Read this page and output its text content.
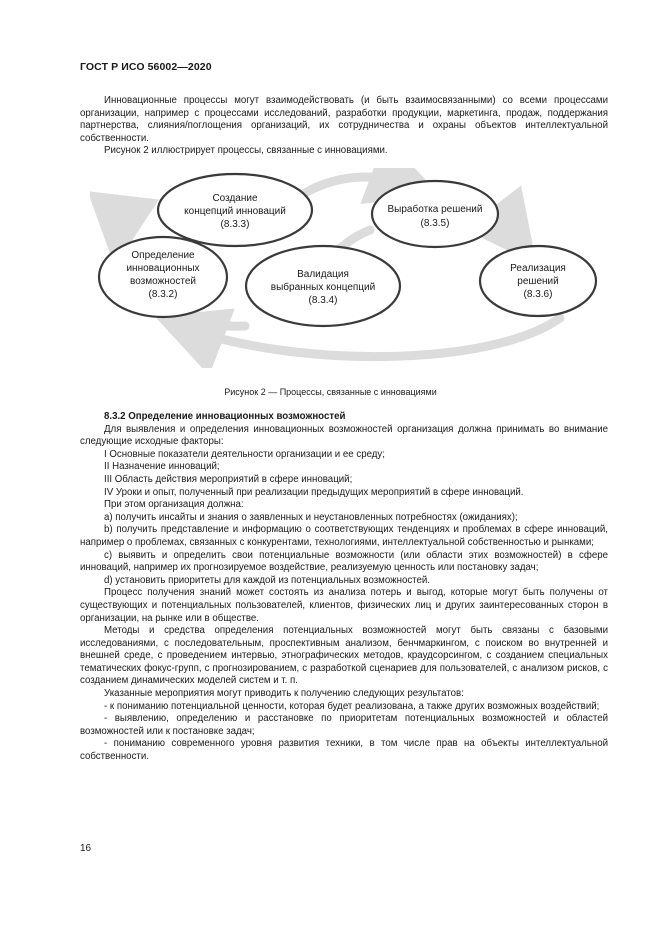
ГОСТ Р ИСО 56002—2020

Инновационные процессы могут взаимодействовать (и быть взаимосвязанными) со всеми процессами организации, например с процессами исследований, разработки продукции, маркетинга, продаж, поддержания партнерства, слияния/поглощения организаций, их сотрудничества и охраны объектов интеллектуальной собственности.

Рисунок 2 иллюстрирует процессы, связанные с инновациями.

Создание
концепций инноваций
(8.3.3)
Выработка решений
(8.3.5)
Определение
инновационных
возможностей
(8.3.2)
Валидация
выбранных концепций
(8.3.4)
Реализация
решений
(8.3.6)
Рисунок 2 — Процессы, связанные с инновациями

8.3.2 Определение инновационных возможностей

Для выявления и определения инновационных возможностей организация должна принимать во внимание следующие исходные факторы:

I Основные показатели деятельности организации и ее среду;

II Назначение инноваций;

III Область действия мероприятий в сфере инноваций;

IV Уроки и опыт, полученный при реализации предыдущих мероприятий в сфере инноваций.

При этом организация должна:

a) получить инсайты и знания о заявленных и неустановленных потребностях (ожиданиях);

b) получить представление и информацию о соответствующих тенденциях и проблемах в сфере инноваций, например о проблемах, связанных с конкурентами, технологиями, интеллектуальной собственностью и рынками;

c) выявить и определить свои потенциальные возможности (или области этих возможностей) в сфере инноваций, например их прогнозируемое воздействие, реализуемую ценность или постановку задач;

d) установить приоритеты для каждой из потенциальных возможностей.

Процесс получения знаний может состоять из анализа потерь и выгод, которые могут быть получены от существующих и потенциальных пользователей, клиентов, физических лиц и других заинтересованных сторон в организации, на рынке или в обществе.

Методы и средства определения потенциальных возможностей могут быть связаны с базовыми исследованиями, с последовательным, проспективным анализом, бенчмаркингом, с поиском во внутренней и внешней среде, с проведением интервью, этнографических методов, краудсорсингом, с созданием специальных тематических фокус-групп, с прогнозированием, с разработкой сценариев для пользователей, с анализом рисков, с созданием динамических моделей систем и т. п.

Указанные мероприятия могут приводить к получению следующих результатов:

- к пониманию потенциальной ценности, которая будет реализована, а также других возможных воздействий;

- выявлению, определению и расстановке по приоритетам потенциальных возможностей и областей возможностей или к постановке задач;

- пониманию современного уровня развития техники, в том числе прав на объекты интеллектуальной собственности.

16
